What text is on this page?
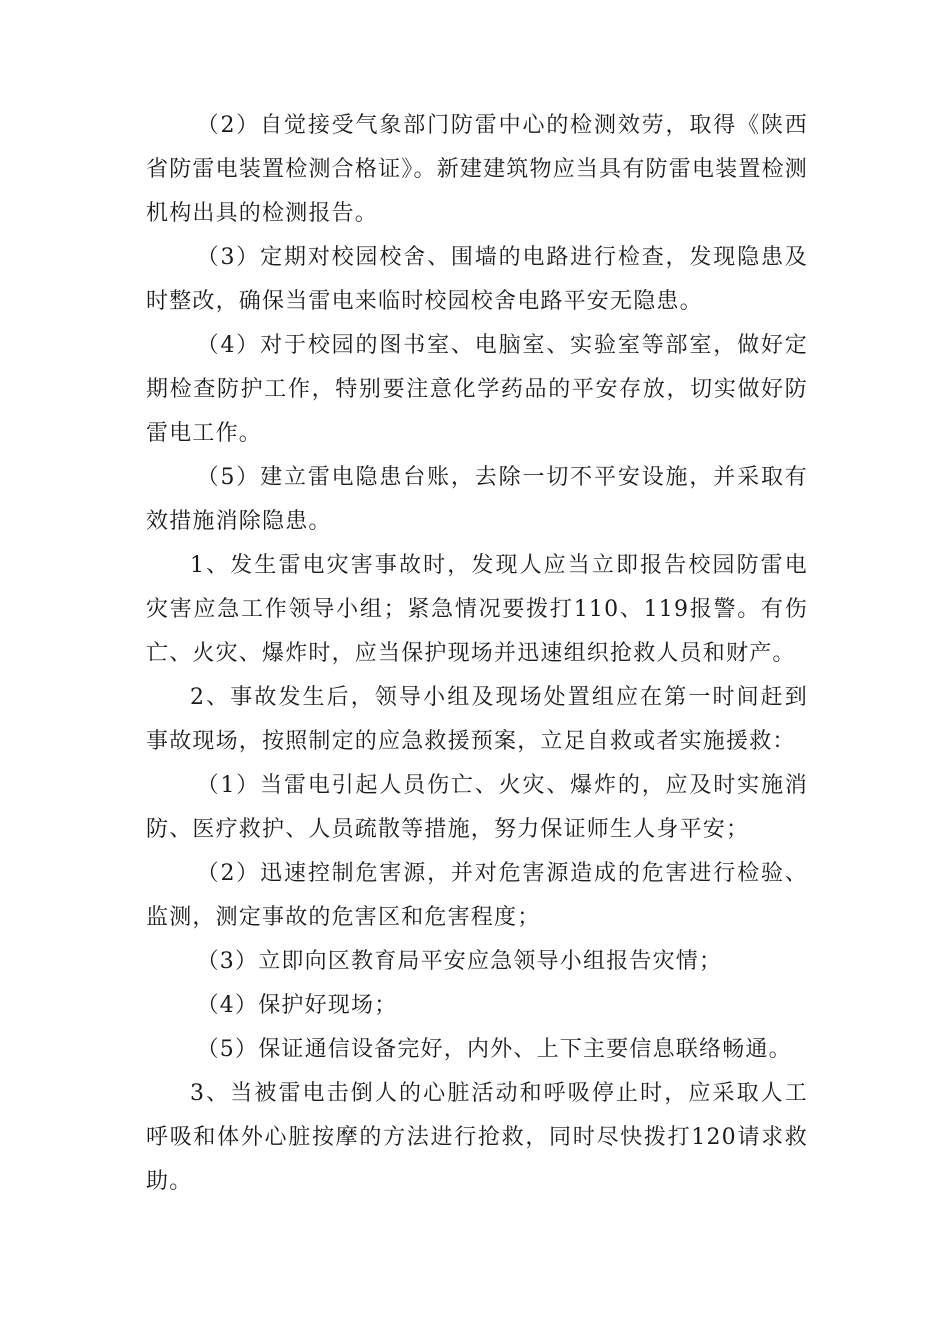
（2）自觉接受气象部门防雷中心的检测效劳，取得《陕西省防雷电装置检测合格证》。新建建筑物应当具有防雷电装置检测机构出具的检测报告。

（3）定期对校园校舍、围墙的电路进行检查，发现隐患及时整改，确保当雷电来临时校园校舍电路平安无隐患。

（4）对于校园的图书室、电脑室、实验室等部室，做好定期检查防护工作，特别要注意化学药品的平安存放，切实做好防雷电工作。

（5）建立雷电隐患台账，去除一切不平安设施，并采取有效措施消除隐患。

1、发生雷电灾害事故时，发现人应当立即报告校园防雷电灾害应急工作领导小组；紧急情况要拨打110、119报警。有伤亡、火灾、爆炸时，应当保护现场并迅速组织抢救人员和财产。

2、事故发生后，领导小组及现场处置组应在第一时间赶到事故现场，按照制定的应急救援预案，立足自救或者实施援救：

（1）当雷电引起人员伤亡、火灾、爆炸的，应及时实施消防、医疗救护、人员疏散等措施，努力保证师生人身平安；

（2）迅速控制危害源，并对危害源造成的危害进行检验、监测，测定事故的危害区和危害程度；

（3）立即向区教育局平安应急领导小组报告灾情；

（4）保护好现场；

（5）保证通信设备完好，内外、上下主要信息联络畅通。

3、当被雷电击倒人的心脏活动和呼吸停止时，应采取人工呼吸和体外心脏按摩的方法进行抢救，同时尽快拨打120请求救助。
